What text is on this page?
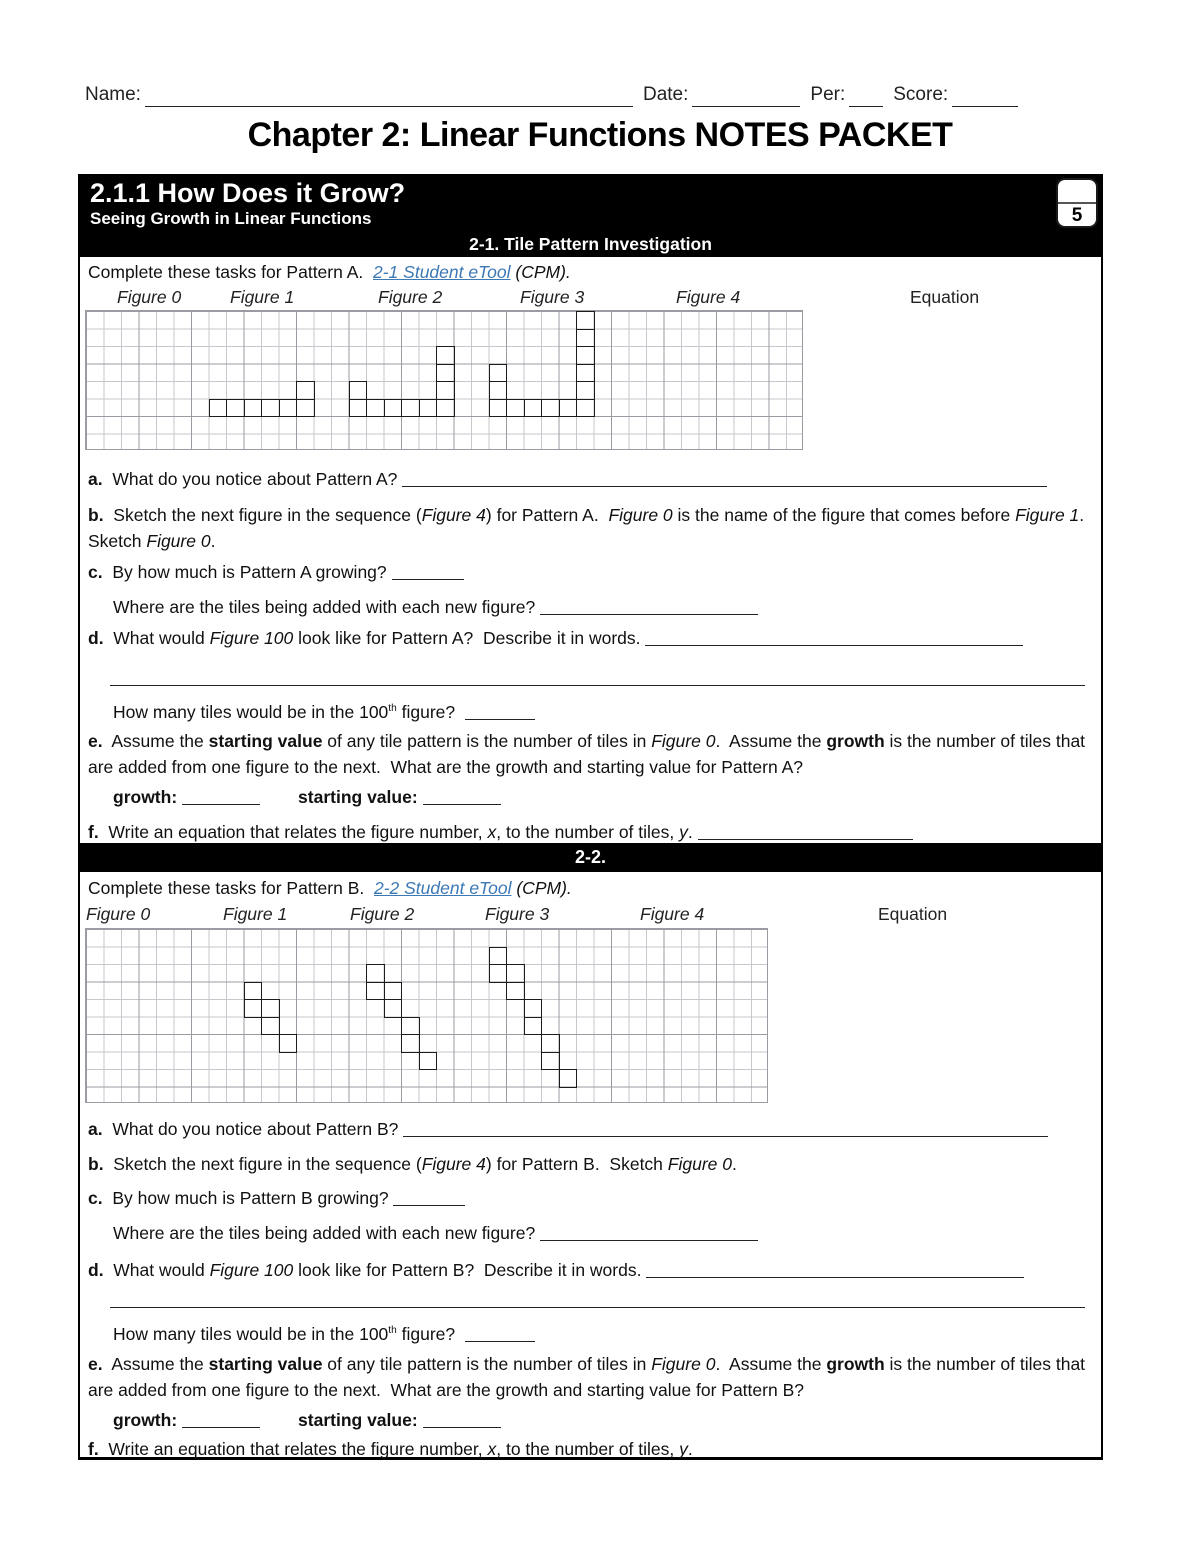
Name:	Date:	Per:	Score:
Chapter 2: Linear Functions NOTES PACKET
2.1.1 How Does it Grow?
Seeing Growth in Linear Functions	5
2-1. Tile Pattern Investigation
Complete these tasks for Pattern A.  2-1 Student eTool (CPM).
Figure 0	Figure 1	Figure 2	Figure 3	Figure 4	Equation
a.  What do you notice about Pattern A?
b.  Sketch the next figure in the sequence (Figure 4) for Pattern A.  Figure 0 is the name of the figure that comes before Figure 1.  Sketch Figure 0.
c.  By how much is Pattern A growing?
Where are the tiles being added with each new figure?
d.  What would Figure 100 look like for Pattern A?  Describe it in words.
How many tiles would be in the 100th figure?
e.  Assume the starting value of any tile pattern is the number of tiles in Figure 0.  Assume the growth is the number of tiles that are added from one figure to the next.  What are the growth and starting value for Pattern A?
growth:	starting value:
f.  Write an equation that relates the figure number, x, to the number of tiles, y.
2-2.
Complete these tasks for Pattern B.  2-2 Student eTool (CPM).
Figure 0	Figure 1	Figure 2	Figure 3	Figure 4	Equation
a.  What do you notice about Pattern B?
b.  Sketch the next figure in the sequence (Figure 4) for Pattern B.  Sketch Figure 0.
c.  By how much is Pattern B growing?
Where are the tiles being added with each new figure?
d.  What would Figure 100 look like for Pattern B?  Describe it in words.
How many tiles would be in the 100th figure?
e.  Assume the starting value of any tile pattern is the number of tiles in Figure 0.  Assume the growth is the number of tiles that are added from one figure to the next.  What are the growth and starting value for Pattern B?
growth:	starting value:
f.  Write an equation that relates the figure number, x, to the number of tiles, y.
